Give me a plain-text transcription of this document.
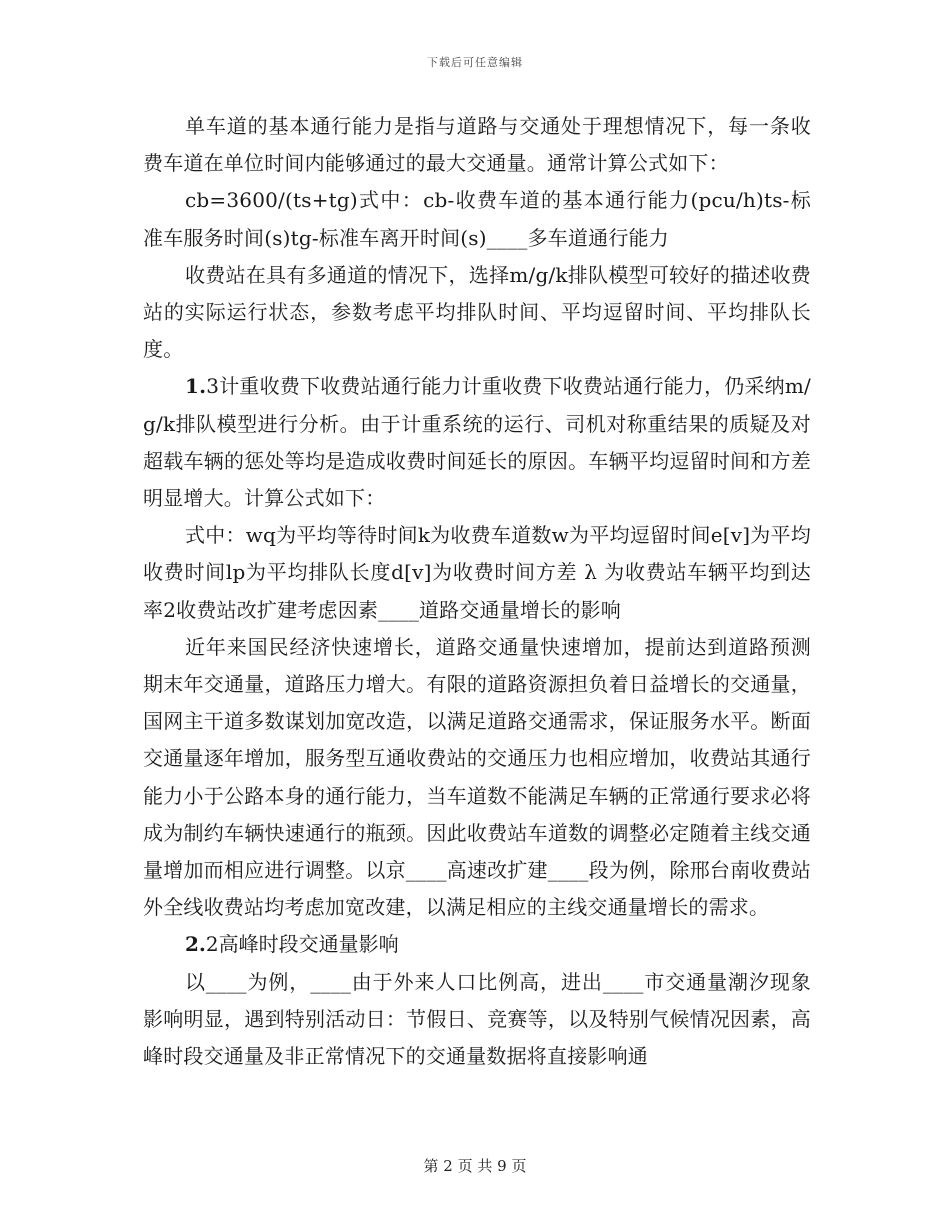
下载后可任意编辑

单车道的基本通行能力是指与道路与交通处于理想情况下，每一条收费车道在单位时间内能够通过的最大交通量。通常计算公式如下：

cb=3600/(ts+tg)式中：cb-收费车道的基本通行能力(pcu/h)ts-标准车服务时间(s)tg-标准车离开时间(s)____多车道通行能力

收费站在具有多通道的情况下，选择m/g/k排队模型可较好的描述收费站的实际运行状态，参数考虑平均排队时间、平均逗留时间、平均排队长度。

1.3计重收费下收费站通行能力计重收费下收费站通行能力，仍采纳m/g/k排队模型进行分析。由于计重系统的运行、司机对称重结果的质疑及对超载车辆的惩处等均是造成收费时间延长的原因。车辆平均逗留时间和方差明显增大。计算公式如下：

式中：wq为平均等待时间k为收费车道数w为平均逗留时间e[v]为平均收费时间lp为平均排队长度d[v]为收费时间方差 λ 为收费站车辆平均到达率2收费站改扩建考虑因素____道路交通量增长的影响

近年来国民经济快速增长，道路交通量快速增加，提前达到道路预测期末年交通量，道路压力增大。有限的道路资源担负着日益增长的交通量，国网主干道多数谋划加宽改造，以满足道路交通需求，保证服务水平。断面交通量逐年增加，服务型互通收费站的交通压力也相应增加，收费站其通行能力小于公路本身的通行能力，当车道数不能满足车辆的正常通行要求必将成为制约车辆快速通行的瓶颈。因此收费站车道数的调整必定随着主线交通量增加而相应进行调整。以京____高速改扩建____段为例，除邢台南收费站外全线收费站均考虑加宽改建，以满足相应的主线交通量增长的需求。

2.2高峰时段交通量影响

以____为例，____由于外来人口比例高，进出____市交通量潮汐现象影响明显，遇到特别活动日：节假日、竞赛等，以及特别气候情况因素，高峰时段交通量及非正常情况下的交通量数据将直接影响通

第 2 页 共 9 页
